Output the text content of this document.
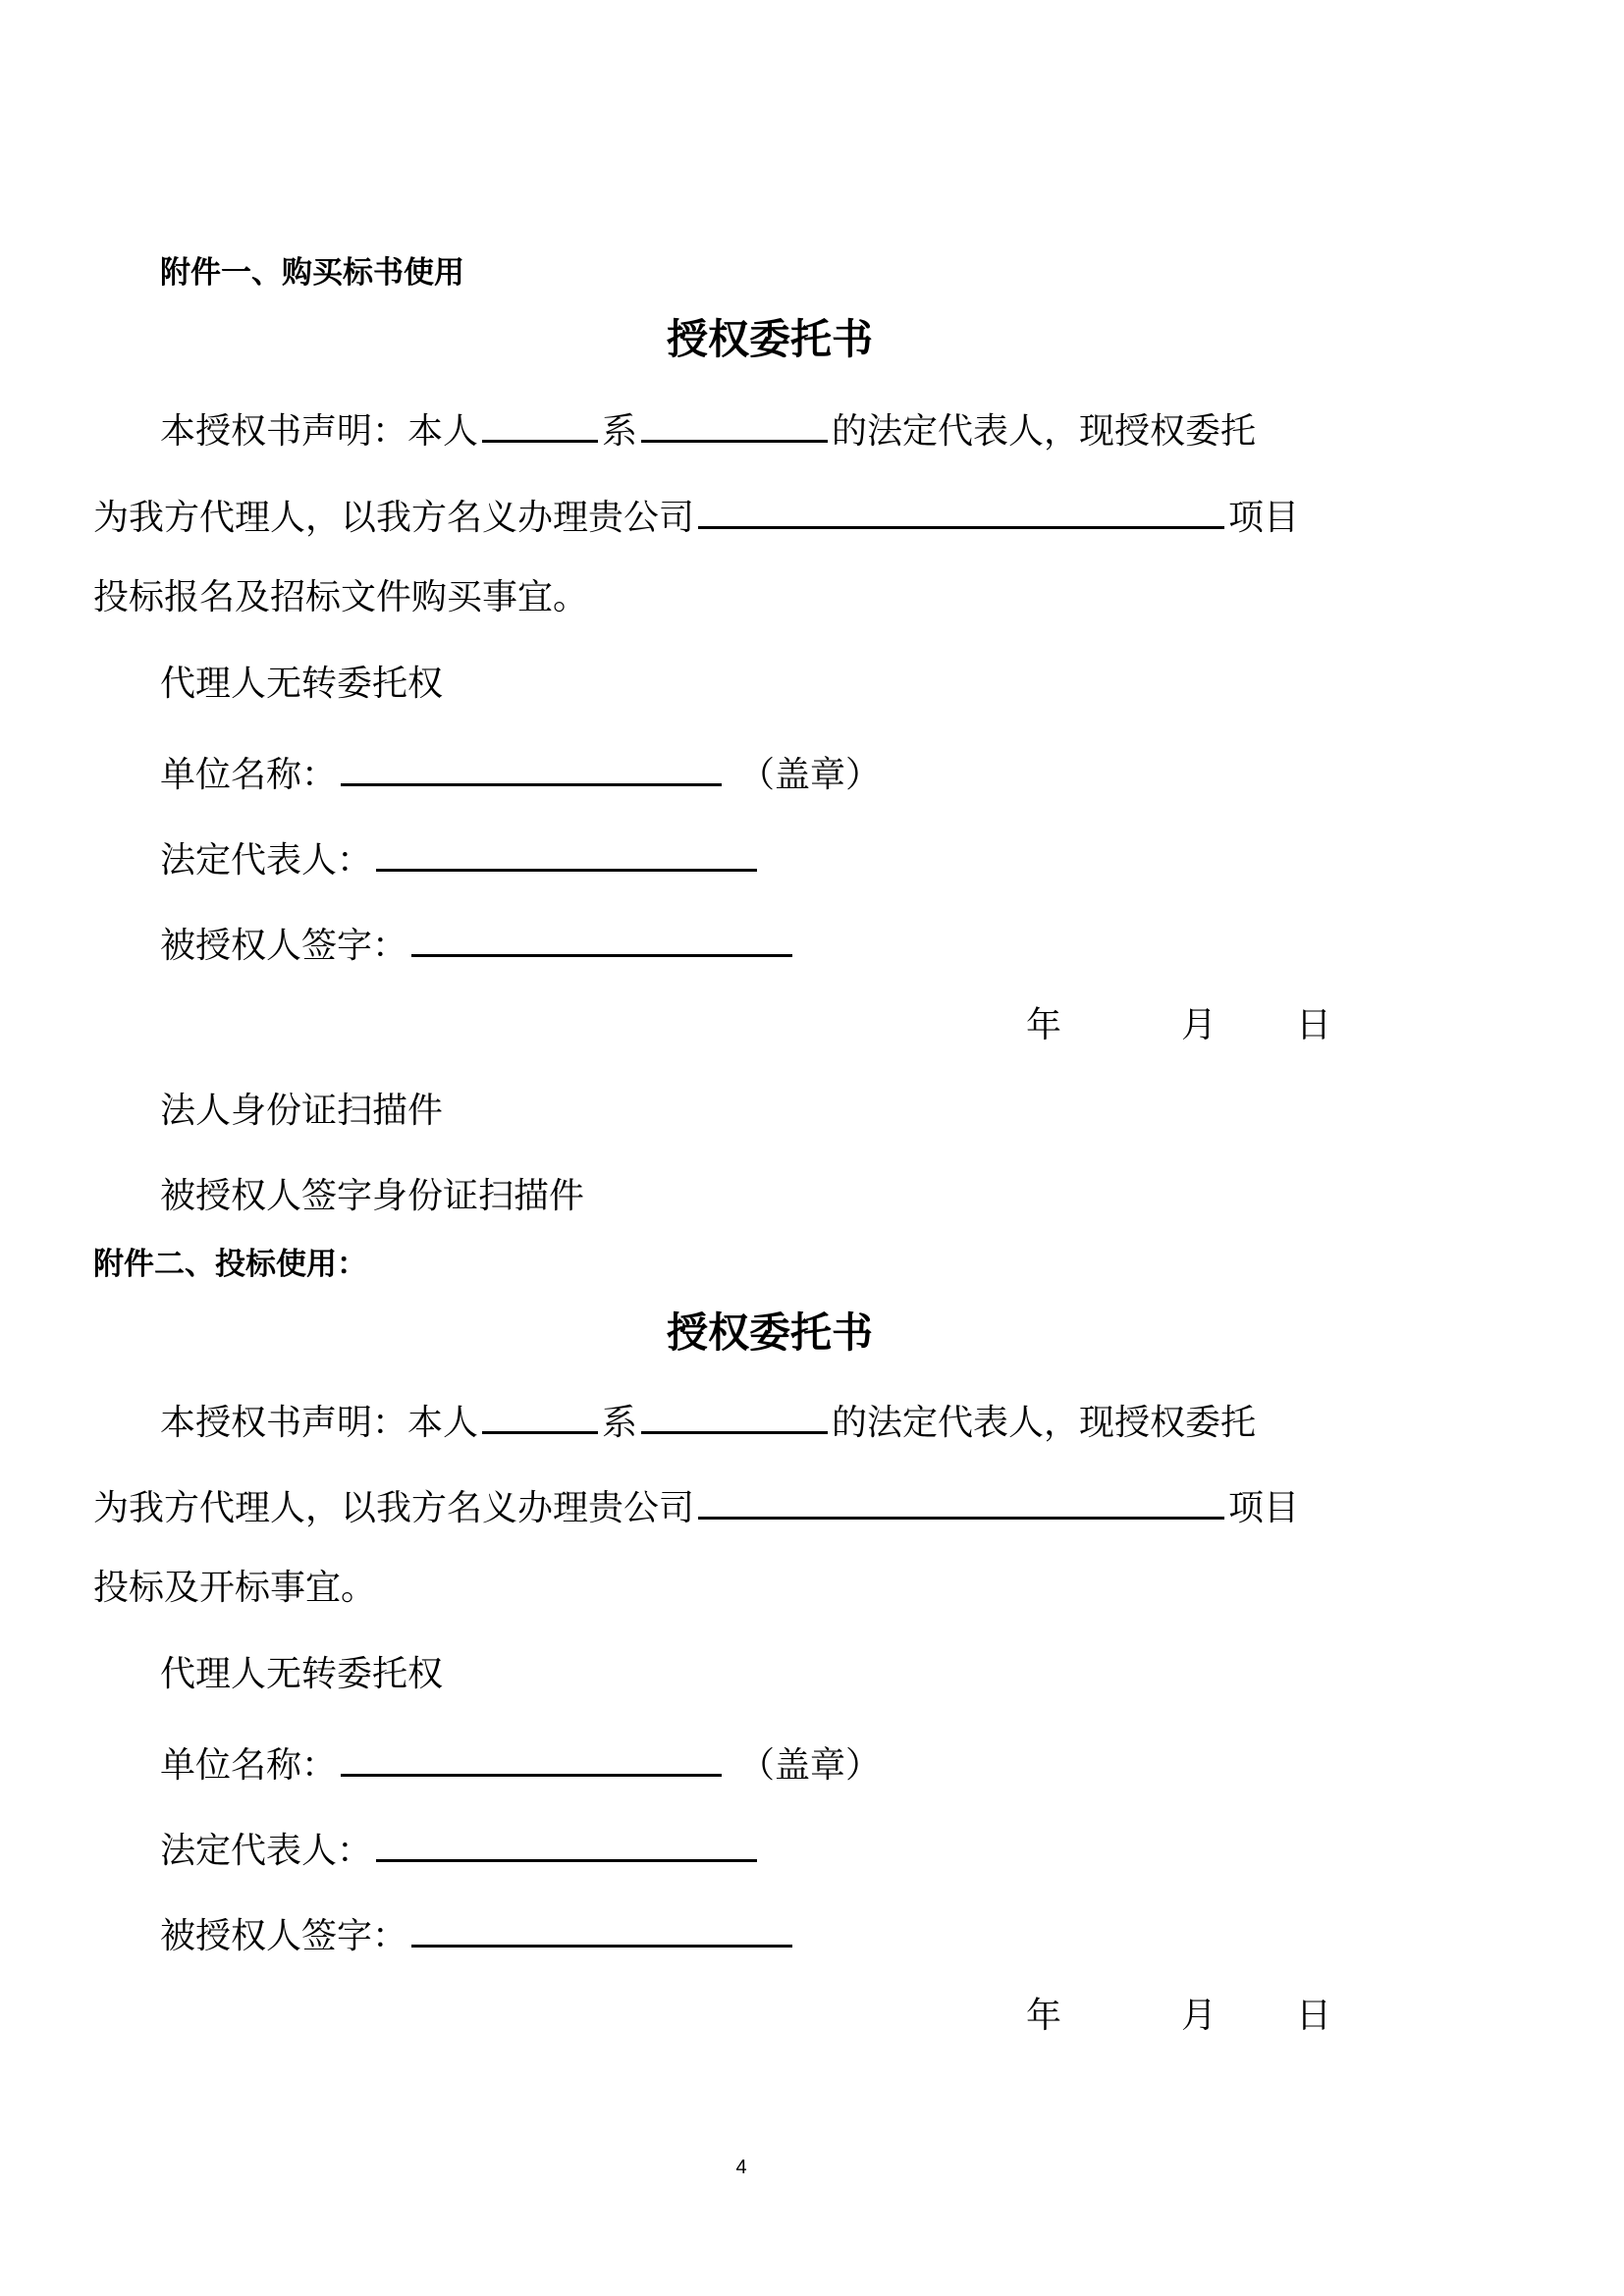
附件一、购买标书使用
授权委托书
本授权书声明：本人	系	的法定代表人，现授权委托
为我方代理人，以我方名义办理贵公司	项目
投标报名及招标文件购买事宜。
代理人无转委托权
单位名称：	（盖章）
法定代表人：
被授权人签字：
年	月 日
法人身份证扫描件
被授权人签字身份证扫描件
附件二、投标使用：
授权委托书
本授权书声明：本人	系	的法定代表人，现授权委托
为我方代理人，以我方名义办理贵公司	项目
投标及开标事宜。
代理人无转委托权
单位名称：	（盖章）
法定代表人：
被授权人签字：
年	月 日
4
